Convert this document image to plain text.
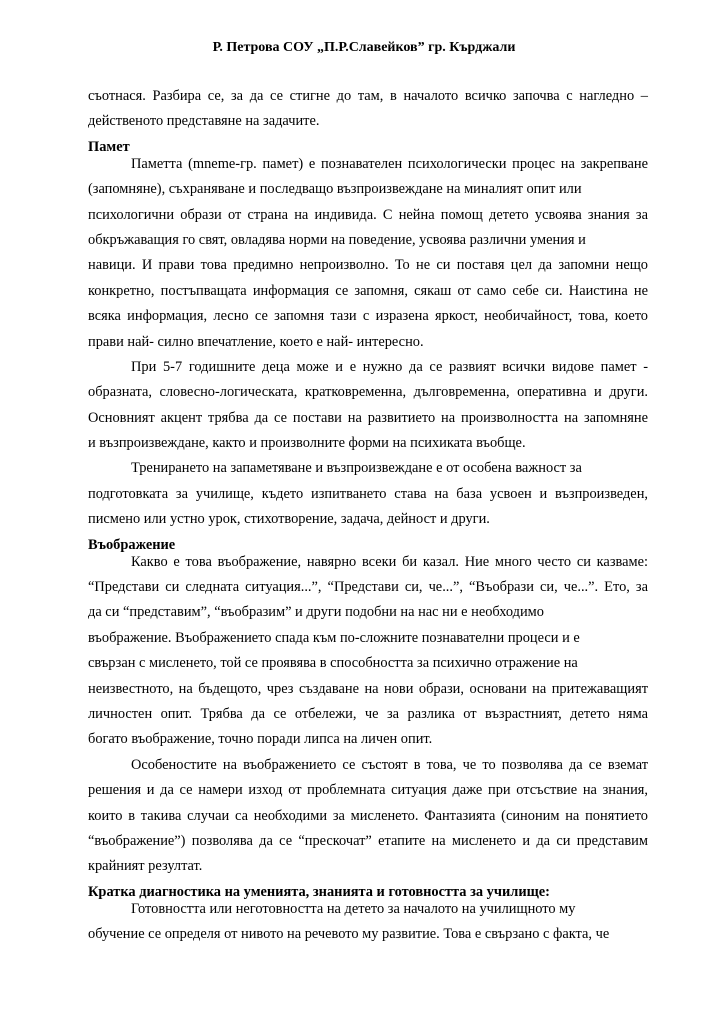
Р. Петрова СОУ „П.Р.Славейков” гр. Кърджали
съотнася. Разбира се, за да се стигне до там, в началото всичко започва с нагледно –
действеното представяне на задачите.
Памет
Паметта (mneme-гр. памет) е познавателен психологически процес на закрепване
(запомняне), съхраняване и последващо възпроизвеждане на миналият опит или
психологични образи от страна на индивида. С нейна помощ детето усвоява знания за
обкръжаващия го свят, овладява норми на поведение, усвоява различни умения и
навици. И прави това предимно непроизволно. То не си поставя цел да запомни нещо
конкретно, постъпващата информация се запомня, сякаш от само себе си. Наистина не
всяка информация, лесно се запомня тази с изразена яркост, необичайност, това, което
прави най- силно впечатление, което е най- интересно.
При 5-7 годишните деца може и е нужно да се развият всички видове памет -
образната, словесно-логическата, кратковременна, дълговременна, оперативна и други.
Основният акцент трябва да се постави на развитието на произволността на запомняне
и възпроизвеждане, както и произволните форми на психиката въобще.
Тренирането на запаметяване и възпроизвеждане е от особена важност за
подготовката за училище, където изпитването става на база усвоен и възпроизведен,
писмено или устно урок, стихотворение, задача, дейност и други.
Въображение
Какво е това въображение, навярно всеки би казал. Ние много често си казваме:
“Представи си следната ситуация...”, “Представи си, че...”, “Въобрази си, че...”. Ето, за
да си “представим”, “въобразим” и други подобни на нас ни е необходимо
въображение. Въображението спада към по-сложните познавателни процеси и е
свързан с мисленето, той се проявява в способността за психично отражение на
неизвестното, на бъдещото, чрез създаване на нови образи, основани на притежаващият
личностен опит. Трябва да се отбележи, че за разлика от възрастният, детето няма
богато въображение, точно поради липса на личен опит.
Особеностите на въображението се състоят в това, че то позволява да се вземат
решения и да се намери изход от проблемната ситуация даже при отсъствие на знания,
които в такива случаи са необходими за мисленето. Фантазията (синоним на понятието
“въображение”) позволява да се “прескочат” етапите на мисленето и да си представим
крайният резултат.
Кратка диагностика на уменията, знанията и готовността за училище:
Готовността или неготовността на детето за началото на училищното му
обучение се определя от нивото на речевото му развитие. Това е свързано с факта, че
